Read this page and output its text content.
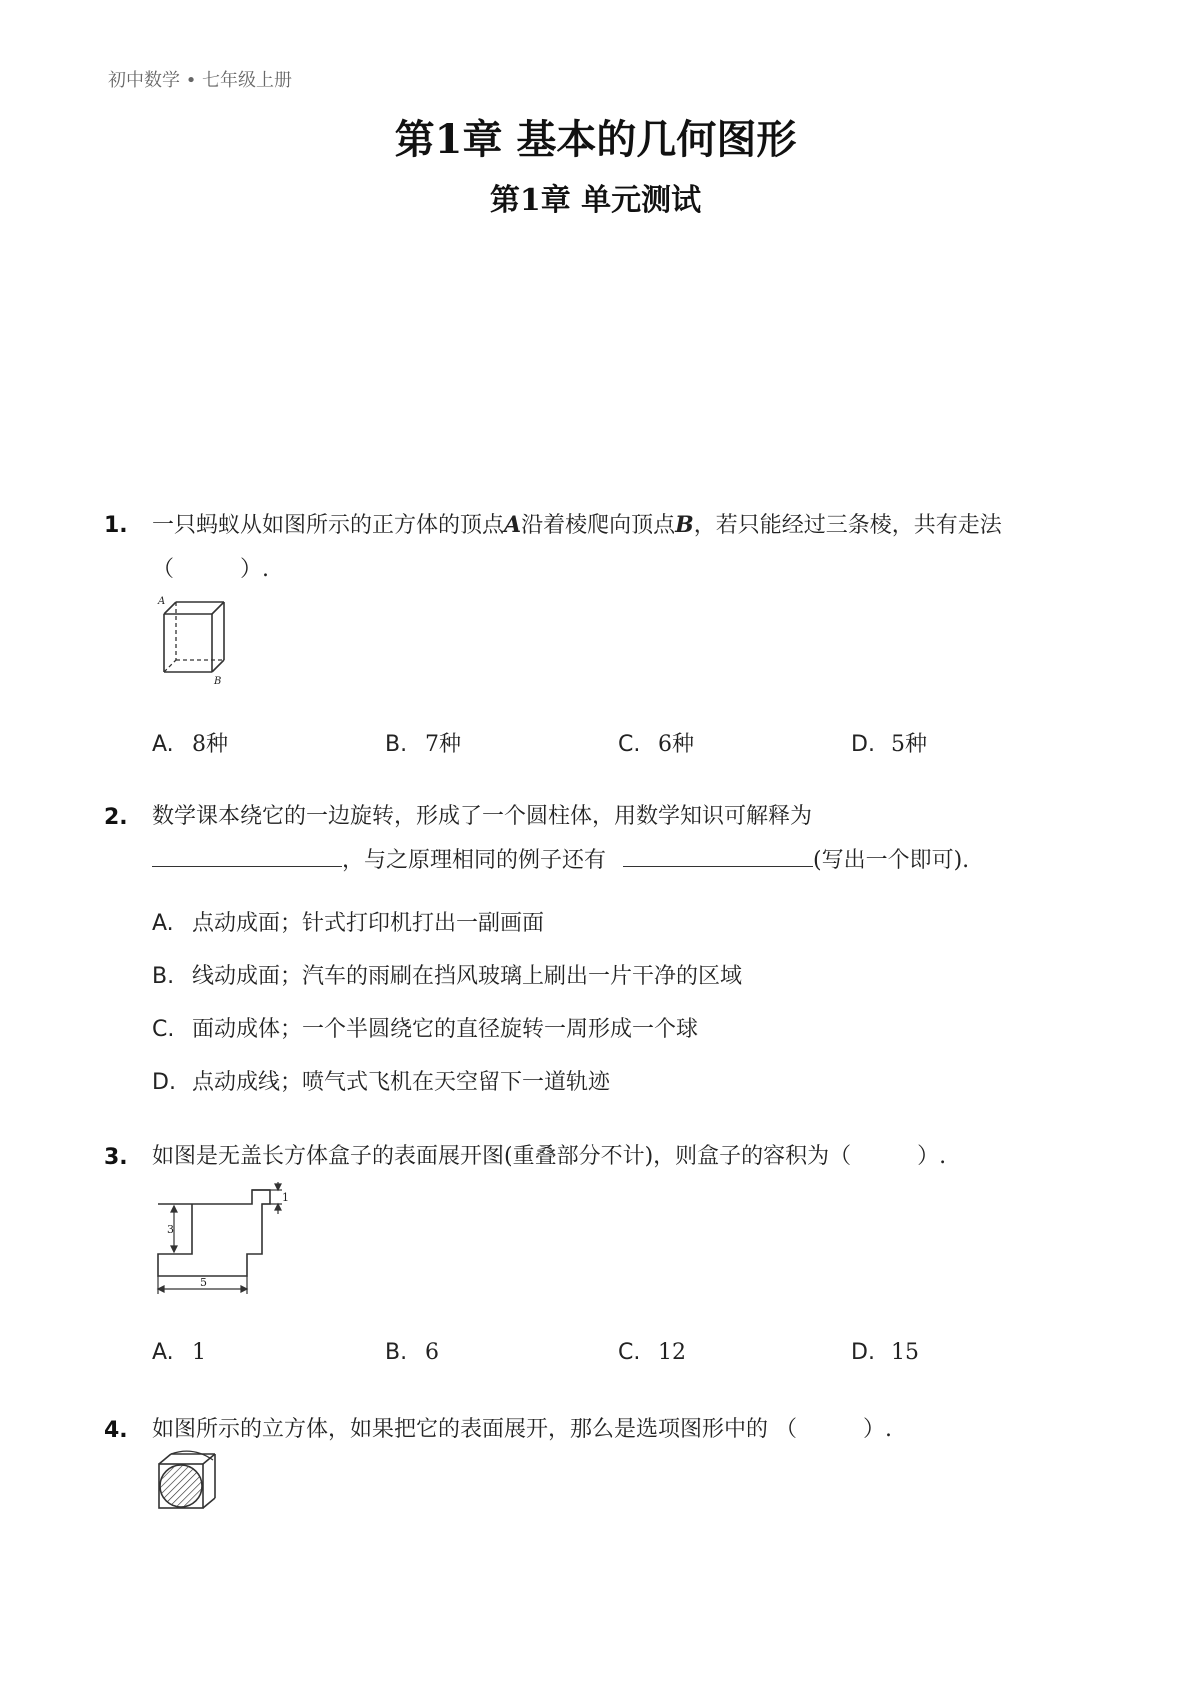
初中数学 • 七年级上册
第1章 基本的几何图形
第1章 单元测试
1. 一只蚂蚁从如图所示的正方体的顶点A沿着棱爬向顶点B，若只能经过三条棱，共有走法
（　　　）.
A
B
A. 8种	B. 7种	C. 6种	D. 5种
2. 数学课本绕它的一边旋转，形成了一个圆柱体，用数学知识可解释为
，与之原理相同的例子还有	(写出一个即可).
A. 点动成面；针式打印机打出一副画面
B. 线动成面；汽车的雨刷在挡风玻璃上刷出一片干净的区域
C. 面动成体；一个半圆绕它的直径旋转一周形成一个球
D. 点动成线；喷气式飞机在天空留下一道轨迹
3. 如图是无盖长方体盒子的表面展开图(重叠部分不计)，则盒子的容积为（　　　）.
3
1
5
A. 1	B. 6	C. 12	D. 15
4. 如图所示的立方体，如果把它的表面展开，那么是选项图形中的 （　　　）.
